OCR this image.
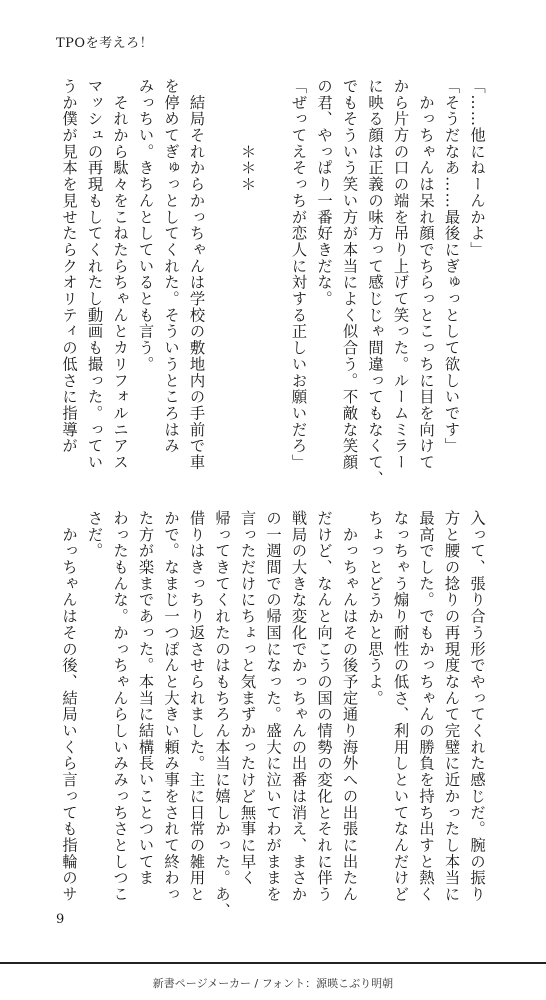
TPOを考えろ！
「……他にねーんかよ」
「そうだなあ……最後にぎゅっとして欲しいです」
　かっちゃんは呆れ顔でちらっとこっちに目を向けて
から片方の口の端を吊り上げて笑った。ルームミラー
に映る顔は正義の味方って感じじゃ間違ってもなくて、
でもそういう笑い方が本当によく似合う。不敵な笑顔
の君、やっぱり一番好きだな。
「ぜってえそっちが恋人に対する正しいお願いだろ」
　　　　＊＊＊
　結局それからかっちゃんは学校の敷地内の手前で車
を停めてぎゅっとしてくれた。そういうところはみ
みっちい。きちんとしているとも言う。
　それから駄々をこねたらちゃんとカリフォルニアス
マッシュの再現もしてくれたし動画も撮った。ってい
うか僕が見本を見せたらクオリティの低さに指導が
入って、張り合う形でやってくれた感じだ。腕の振り
方と腰の捻りの再現度なんて完璧に近かったし本当に
最高でした。でもかっちゃんの勝負を持ち出すと熱く
なっちゃう煽り耐性の低さ、利用しといてなんだけど
ちょっとどうかと思うよ。
　かっちゃんはその後予定通り海外への出張に出たん
だけど、なんと向こうの国の情勢の変化とそれに伴う
戦局の大きな変化でかっちゃんの出番は消え、まさか
の一週間での帰国になった。盛大に泣いてわがままを
言っただけにちょっと気まずかったけど無事に早く
帰ってきてくれたのはもちろん本当に嬉しかった。あ、
借りはきっちり返させられました。主に日常の雑用と
かで。なまじ一つぽんと大きい頼み事をされて終わっ
た方が楽まであった。本当に結構長いことついてま
わったもんな。かっちゃんらしいみみっちさとしつこ
さだ。
　かっちゃんはその後、結局いくら言っても指輪のサ
9
新書ページメーカー / フォント：源暎こぶり明朝
